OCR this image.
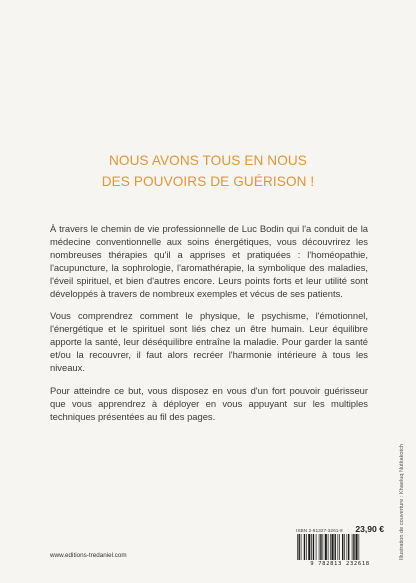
NOUS AVONS TOUS EN NOUS
DES POUVOIRS DE GUÉRISON !

À travers le chemin de vie professionnelle de Luc Bodin qui l'a conduit de la médecine conventionnelle aux soins énergétiques, vous découvrirez les nombreuses thérapies qu'il a apprises et pratiquées : l'homéopathie, l'acupuncture, la sophrologie, l'aromathérapie, la symbolique des maladies, l'éveil spirituel, et bien d'autres encore. Leurs points forts et leur utilité sont développés à travers de nombreux exemples et vécus de ses patients.

Vous comprendrez comment le physique, le psychisme, l'émotionnel, l'énergétique et le spirituel sont liés chez un être humain. Leur équilibre apporte la santé, leur déséquilibre entraîne la maladie. Pour garder la santé et/ou la recouvrer, il faut alors recréer l'harmonie intérieure à tous les niveaux.

Pour atteindre ce but, vous disposez en vous d'un fort pouvoir guérisseur que vous apprendrez à déployer en vous appuyant sur les multiples techniques présentées au fil des pages.

www.editions-tredaniel.com
ISBN 2-81327-3261-8 23,90 €
9 782813 232618
Illustration de couverture : Khaeluq Nutkakotch
